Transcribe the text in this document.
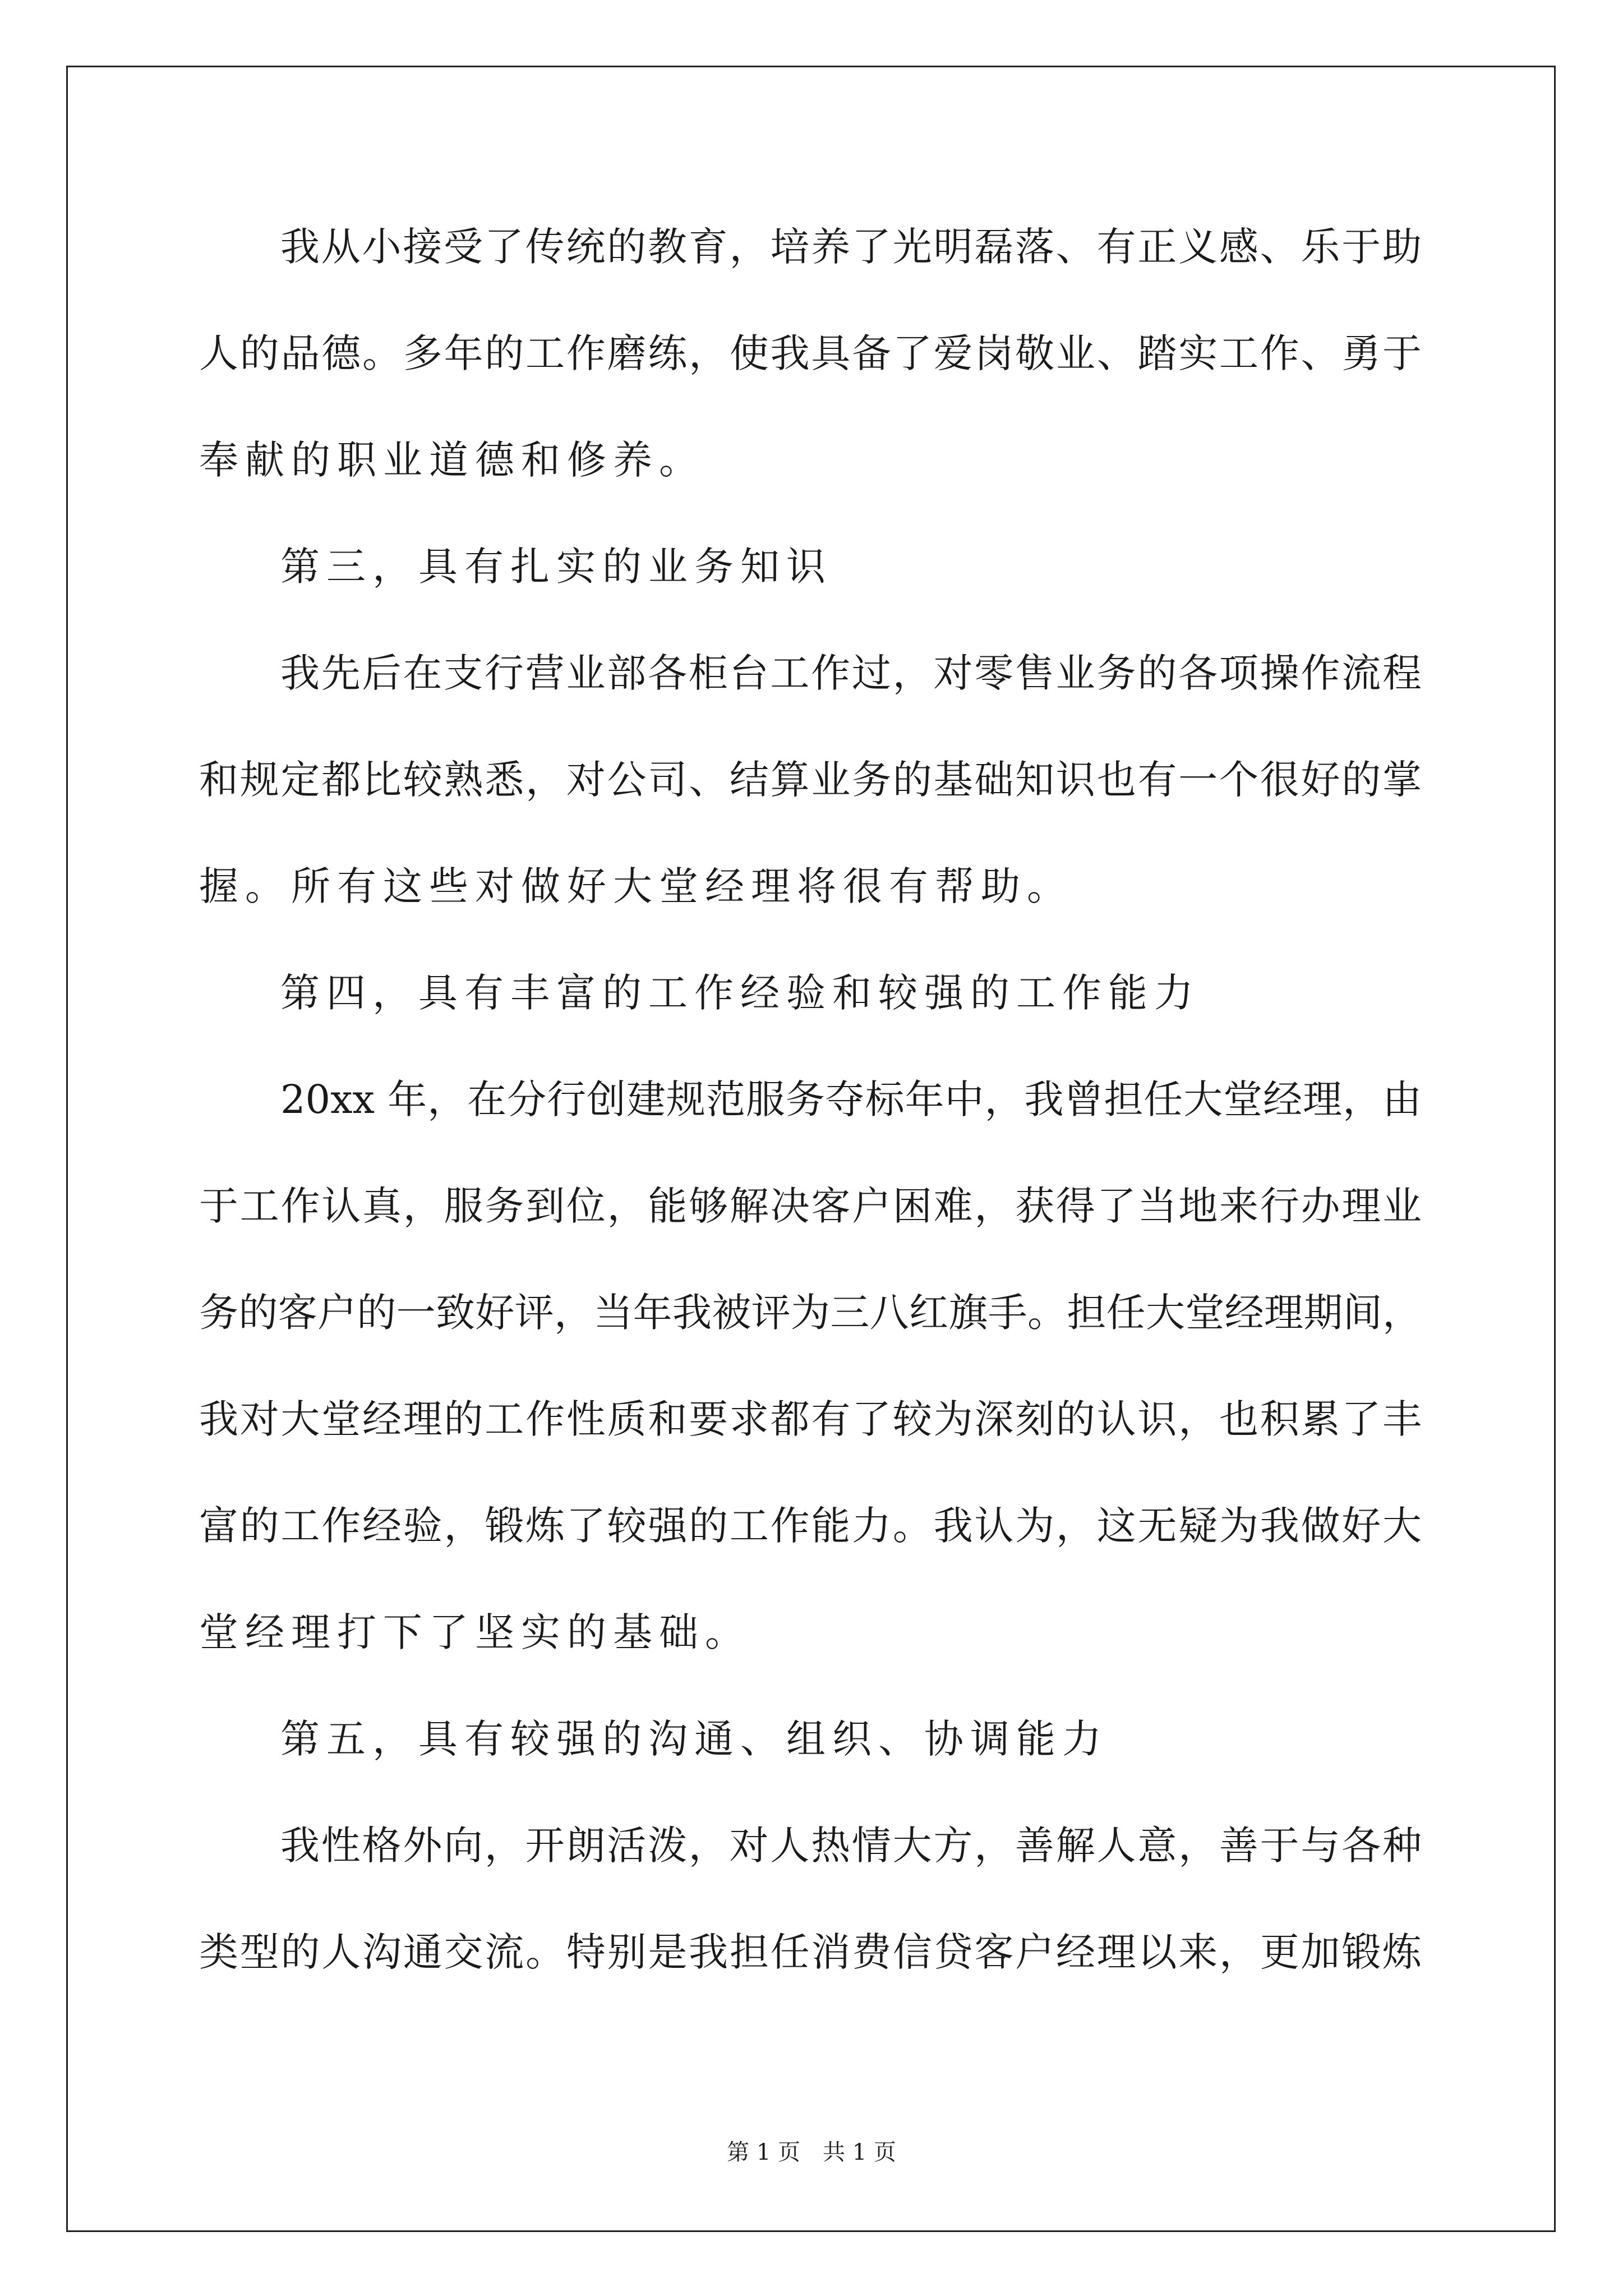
我从小接受了传统的教育，培养了光明磊落、有正义感、乐于助
人的品德。多年的工作磨练，使我具备了爱岗敬业、踏实工作、勇于
奉献的职业道德和修养。
第三，具有扎实的业务知识
我先后在支行营业部各柜台工作过，对零售业务的各项操作流程
和规定都比较熟悉，对公司、结算业务的基础知识也有一个很好的掌
握。所有这些对做好大堂经理将很有帮助。
第四，具有丰富的工作经验和较强的工作能力
20xx 年，在分行创建规范服务夺标年中，我曾担任大堂经理，由
于工作认真，服务到位，能够解决客户困难，获得了当地来行办理业
务的客户的一致好评，当年我被评为三八红旗手。担任大堂经理期间，
我对大堂经理的工作性质和要求都有了较为深刻的认识，也积累了丰
富的工作经验，锻炼了较强的工作能力。我认为，这无疑为我做好大
堂经理打下了坚实的基础。
第五，具有较强的沟通、组织、协调能力
我性格外向，开朗活泼，对人热情大方，善解人意，善于与各种
类型的人沟通交流。特别是我担任消费信贷客户经理以来，更加锻炼
第 1 页　共 1 页
